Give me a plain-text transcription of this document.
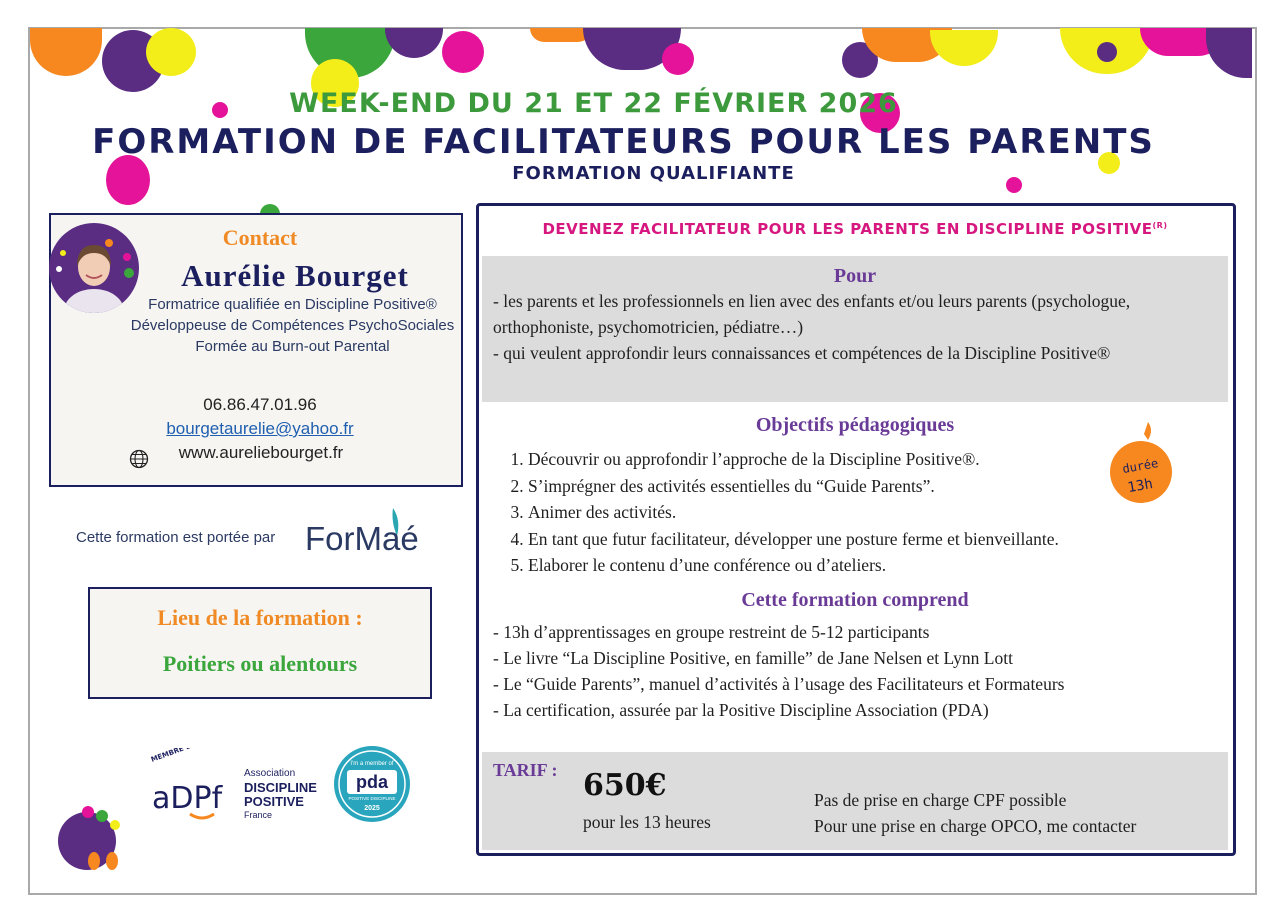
WEEK-END DU 21 ET 22 FÉVRIER 2026
FORMATION DE FACILITATEURS POUR LES PARENTS
FORMATION QUALIFIANTE
Contact
Aurélie Bourget
Formatrice qualifiée en Discipline Positive®
Développeuse de Compétences PsychoSociales
Formée au Burn-out Parental
06.86.47.01.96
bourgetaurelie@yahoo.fr
www.aureliebourget.fr
Cette formation est portée par ForMaé
Lieu de la formation :
Poitiers ou alentours
MEMBRE DE
aDPf
Association
DISCIPLINE
POSITIVE
France
I'm a member of
pda
POSITIVE DISCIPLINE
2025
DEVENEZ FACILITATEUR POUR LES PARENTS EN DISCIPLINE $POSITIVE^{(R)}$
Pour
- les parents et les professionnels en lien avec des enfants et/ou leurs parents (psychologue, orthophoniste, psychomotricien, pédiatre…)
- qui veulent approfondir leurs connaissances et compétences de la Discipline Positive®
Objectifs pédagogiques
1. Découvrir ou approfondir l’approche de la Discipline Positive®.
2. S’imprégner des activités essentielles du “Guide Parents”.
3. Animer des activités.
4. En tant que futur facilitateur, développer une posture ferme et bienveillante.
5. Elaborer le contenu d’une conférence ou d’ateliers.
durée
13h
Cette formation comprend
- 13h d’apprentissages en groupe restreint de 5-12 participants
- Le livre “La Discipline Positive, en famille” de Jane Nelsen et Lynn Lott
- Le “Guide Parents”, manuel d’activités à l’usage des Facilitateurs et Formateurs
- La certification, assurée par la Positive Discipline Association (PDA)
TARIF : 650€
pour les 13 heures
Pas de prise en charge CPF possible
Pour une prise en charge OPCO, me contacter
